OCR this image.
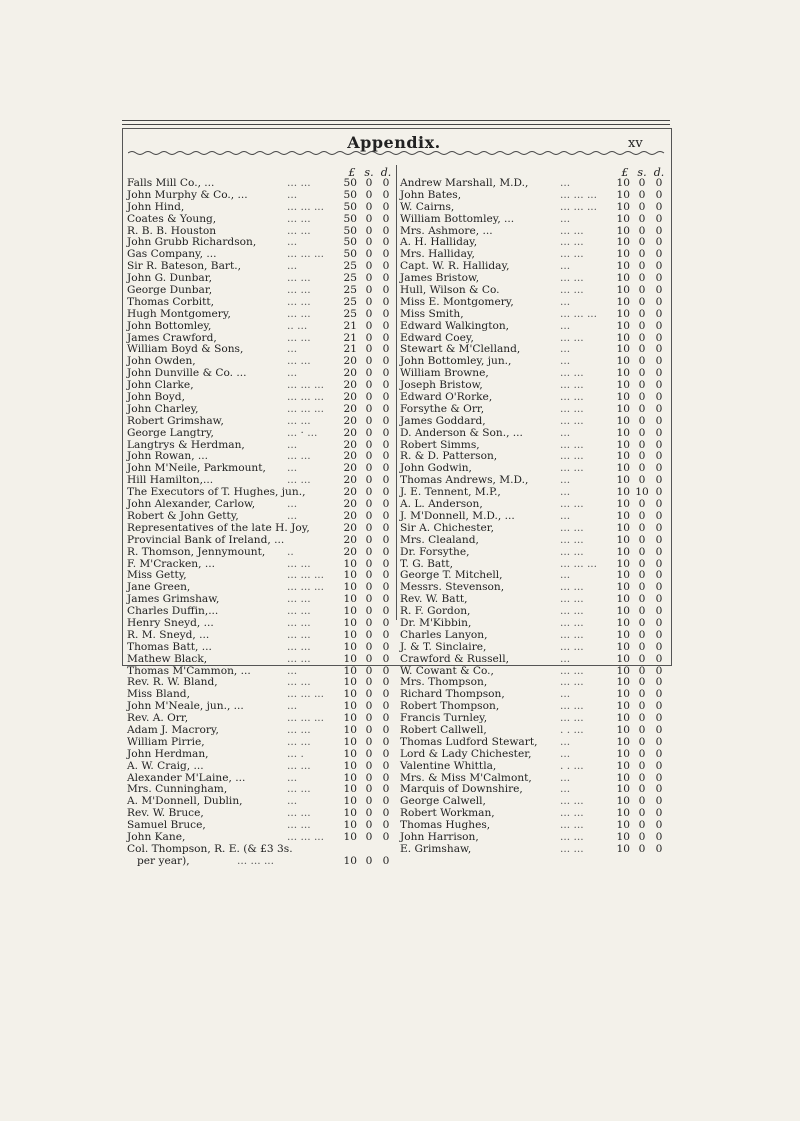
Appendix.	xv
£ s. d.
Falls Mill Co., ...	... ...	50 0 0
John Murphy & Co., ...	...	50 0 0
John Hind,	... ... ...	50 0 0
Coates & Young,	... ...	50 0 0
R. B. B. Houston	... ...	50 0 0
John Grubb Richardson,	...	50 0 0
Gas Company, ...	... ... ...	50 0 0
Sir R. Bateson, Bart.,	...	25 0 0
John G. Dunbar,	... ...	25 0 0
George Dunbar,	... ...	25 0 0
Thomas Corbitt,	... ...	25 0 0
Hugh Montgomery,	... ...	25 0 0
John Bottomley,	.. ...	21 0 0
James Crawford,	... ...	21 0 0
William Boyd & Sons,	...	21 0 0
John Owden,	... ...	20 0 0
John Dunville & Co. ...	...	20 0 0
John Clarke,	... ... ...	20 0 0
John Boyd,	... ... ...	20 0 0
John Charley,	... ... ...	20 0 0
Robert Grimshaw,	... ...	20 0 0
George Langtry,	... · ...	20 0 0
Langtrys & Herdman,	...	20 0 0
John Rowan, ...	... ...	20 0 0
John M'Neile, Parkmount, ...	20 0 0
Hill Hamilton,...	... ...	20 0 0
The Executors of T. Hughes, jun.,	20 0 0
John Alexander, Carlow,	...	20 0 0
Robert & John Getty,	...	20 0 0
Representatives of the late H. Joy,	20 0 0
Provincial Bank of Ireland, ...	20 0 0
R. Thomson, Jennymount, ..	20 0 0
F. M'Cracken, ...	... ...	10 0 0
Miss Getty,	... ... ...	10 0 0
Jane Green,	... ... ...	10 0 0
James Grimshaw,	... ...	10 0 0
Charles Duffin,...	... ...	10 0 0
Henry Sneyd, ...	... ...	10 0 0
R. M. Sneyd, ...	... ...	10 0 0
Thomas Batt, ...	... ...	10 0 0
Mathew Black,	... ...	10 0 0
Thomas M'Cammon, ...	...	10 0 0
Rev. R. W. Bland,	... ...	10 0 0
Miss Bland,	... ... ...	10 0 0
John M'Neale, jun., ...	...	10 0 0
Rev. A. Orr,	... ... ...	10 0 0
Adam J. Macrory,	... ...	10 0 0
William Pirrie,	... ...	10 0 0
John Herdman,	... .	10 0 0
A. W. Craig, ...	... ...	10 0 0
Alexander M'Laine, ...	...	10 0 0
Mrs. Cunningham,	... ...	10 0 0
A. M'Donnell, Dublin,	...	10 0 0
Rev. W. Bruce,	... ...	10 0 0
Samuel Bruce,	... ...	10 0 0
John Kane,	... ... ...	10 0 0
Col. Thompson, R. E. (& £3 3s.
per year),	... ... ...	10 0 0
£ s. d.
Andrew Marshall, M.D.,	...	10 0 0
John Bates,	... ... ...	10 0 0
W. Cairns,	... ... ...	10 0 0
William Bottomley, ...	...	10 0 0
Mrs. Ashmore, ...	... ...	10 0 0
A. H. Halliday,	... ...	10 0 0
Mrs. Halliday,	... ...	10 0 0
Capt. W. R. Halliday,	...	10 0 0
James Bristow,	... ...	10 0 0
Hull, Wilson & Co.	... ...	10 0 0
Miss E. Montgomery,	...	10 0 0
Miss Smith,	... ... ...	10 0 0
Edward Walkington,	...	10 0 0
Edward Coey,	... ...	10 0 0
Stewart & M'Clelland,	...	10 0 0
John Bottomley, jun.,	...	10 0 0
William Browne,	... ...	10 0 0
Joseph Bristow,	... ...	10 0 0
Edward O'Rorke,	... ...	10 0 0
Forsythe & Orr,	... ...	10 0 0
James Goddard,	... ...	10 0 0
D. Anderson & Son., ...	...	10 0 0
Robert Simms,	... ...	10 0 0
R. & D. Patterson,	... ...	10 0 0
John Godwin,	... ...	10 0 0
Thomas Andrews, M.D.,	...	10 0 0
J. E. Tennent, M.P.,	...	10 10 0
A. L. Anderson,	... ...	10 0 0
J. M'Donnell, M.D., ...	...	10 0 0
Sir A. Chichester,	... ...	10 0 0
Mrs. Clealand,	... ...	10 0 0
Dr. Forsythe,	... ...	10 0 0
T. G. Batt,	... ... ...	10 0 0
George T. Mitchell,	...	10 0 0
Messrs. Stevenson,	... ...	10 0 0
Rev. W. Batt,	... ...	10 0 0
R. F. Gordon,	... ...	10 0 0
Dr. M'Kibbin,	... ...	10 0 0
Charles Lanyon,	... ...	10 0 0
J. & T. Sinclaire,	... ...	10 0 0
Crawford & Russell,	...	10 0 0
W. Cowant & Co.,	... ...	10 0 0
Mrs. Thompson,	... ...	10 0 0
Richard Thompson,	...	10 0 0
Robert Thompson,	... ...	10 0 0
Francis Turnley,	... ...	10 0 0
Robert Callwell,	. . ...	10 0 0
Thomas Ludford Stewart, ...	10 0 0
Lord & Lady Chichester,	...	10 0 0
Valentine Whittla,	. . ...	10 0 0
Mrs. & Miss M'Calmont,	...	10 0 0
Marquis of Downshire,	...	10 0 0
George Calwell,	... ...	10 0 0
Robert Workman,	... ...	10 0 0
Thomas Hughes,	... ...	10 0 0
John Harrison,	... ...	10 0 0
E. Grimshaw,	... ...	10 0 0
